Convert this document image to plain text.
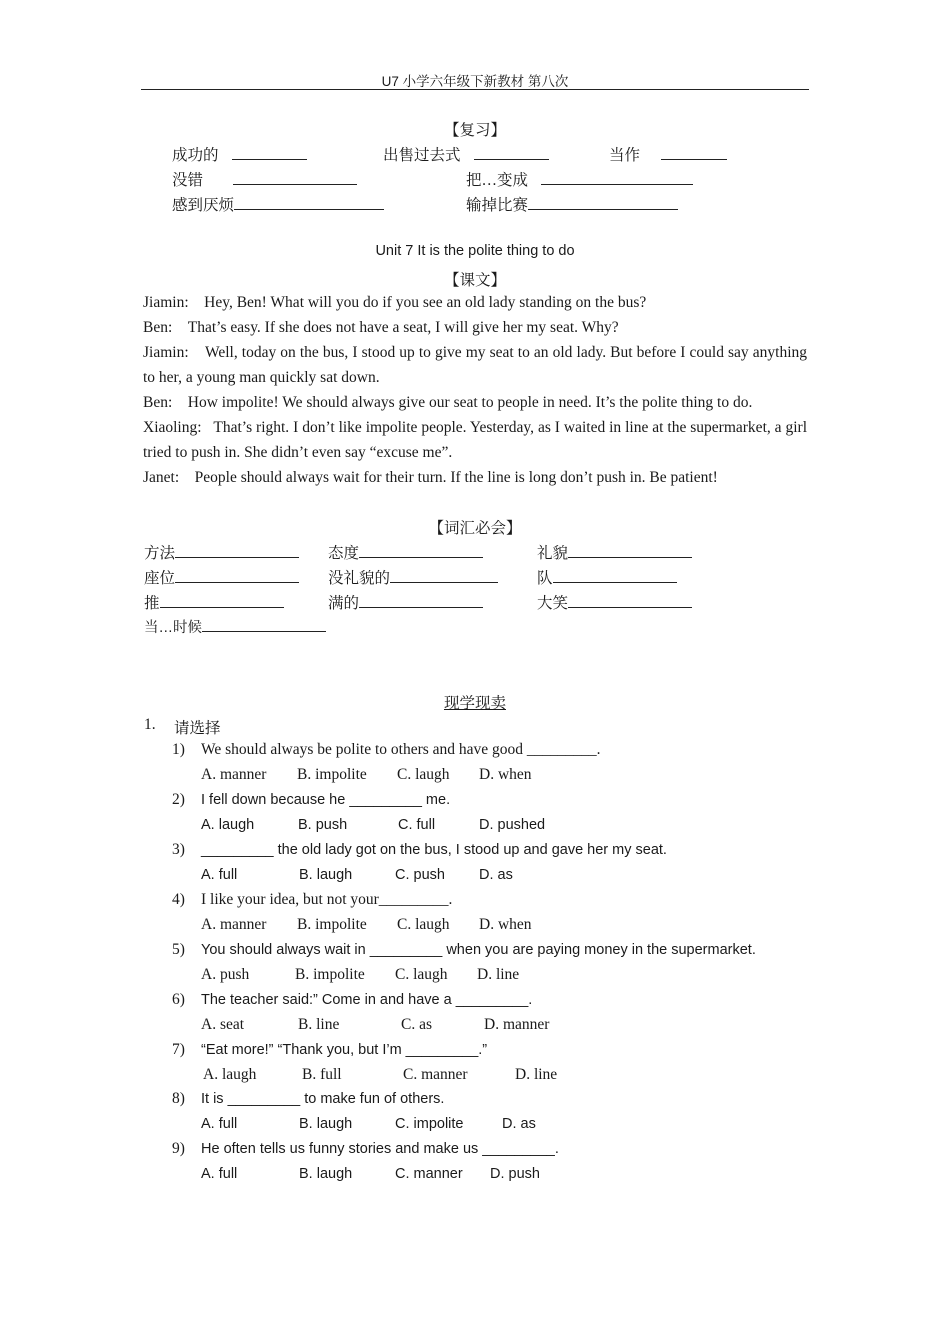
U7 小学六年级下新教材 第八次
【复习】
成功的	出售过去式	当作
没错	把…变成
感到厌烦	输掉比赛
Unit 7 It is the polite thing to do
【课文】

Jiamin: Hey, Ben! What will you do if you see an old lady standing on the bus?

Ben: That’s easy. If she does not have a seat, I will give her my seat. Why?

Jiamin: Well, today on the bus, I stood up to give my seat to an old lady. But before I could say anything to her, a young man quickly sat down.

Ben: How impolite! We should always give our seat to people in need. It’s the polite thing to do.

Xiaoling: That’s right. I don’t like impolite people. Yesterday, as I waited in line at the supermarket, a girl tried to push in. She didn’t even say “excuse me”.

Janet: People should always wait for their turn. If the line is long don’t push in. Be patient!

【词汇必会】
方法	态度	礼貌
座位	没礼貌的	队
推	满的	大笑
当…时候
现学现卖
1. 请选择
1) We should always be polite to others and have good _________.
A. manner B. impolite C. laugh D. when
2) I fell down because he _________ me.
A. laugh	B. push	C. full	D. pushed
3) _________ the old lady got on the bus, I stood up and gave her my seat.
A. full	B. laugh	C. push D. as
4) I like your idea, but not your_________.
A. manner B. impolite C. laugh D. when
5) You should always wait in _________ when you are paying money in the supermarket.
A. push	B. impolite C. laugh D. line
6) The teacher said:” Come in and have a _________.
A. seat	B. line	C. as	D. manner
7) “Eat more!” “Thank you, but I’m _________.”
A. laugh	B. full	C. manner	D. line
8) It is _________ to make fun of others.
A. full	B. laugh	C. impolite	D. as
9) He often tells us funny stories and make us _________.
A. full	B. laugh	C. manner D. push
